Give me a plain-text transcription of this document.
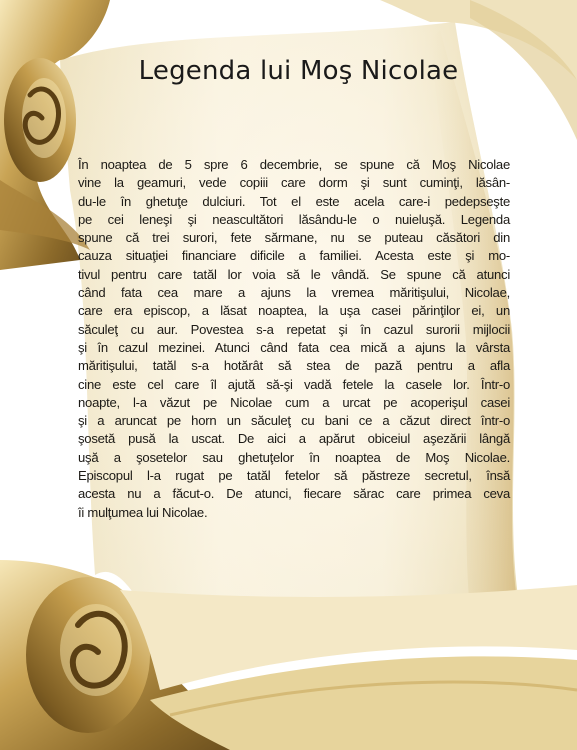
Legenda lui Moş Nicolae
În noaptea de 5 spre 6 decembrie, se spune că Moş Nicolae
vine la geamuri, vede copiii care dorm şi sunt cuminţi, lăsân-
du-le în ghetuţe dulciuri. Tot el este acela care-i pedepseşte
pe cei leneşi şi neascultători lăsându-le o nuieluşă. Legenda
spune că trei surori, fete sărmane, nu se puteau căsători din
cauza situaţiei financiare dificile a familiei. Acesta este şi mo-
tivul pentru care tatăl lor voia să le vândă. Se spune că atunci
când fata cea mare a ajuns la vremea măritişului, Nicolae,
care era episcop, a lăsat noaptea, la uşa casei părinţilor ei, un
săculeţ cu aur. Povestea s-a repetat şi în cazul surorii mijlocii
şi în cazul mezinei. Atunci când fata cea mică a ajuns la vârsta
măritişului, tatăl s-a hotărât să stea de pază pentru a afla
cine este cel care îl ajută să-şi vadă fetele la casele lor. Într-o
noapte, l-a văzut pe Nicolae cum a urcat pe acoperişul casei
şi a aruncat pe horn un săculeţ cu bani ce a căzut direct într-o
şosetă pusă la uscat. De aici a apărut obiceiul aşezării lângă
uşă a şosetelor sau ghetuţelor în noaptea de Moş Nicolae.
Episcopul l-a rugat pe tatăl fetelor să păstreze secretul, însă
acesta nu a făcut-o. De atunci, fiecare sărac care primea ceva
îi mulţumea lui Nicolae.
